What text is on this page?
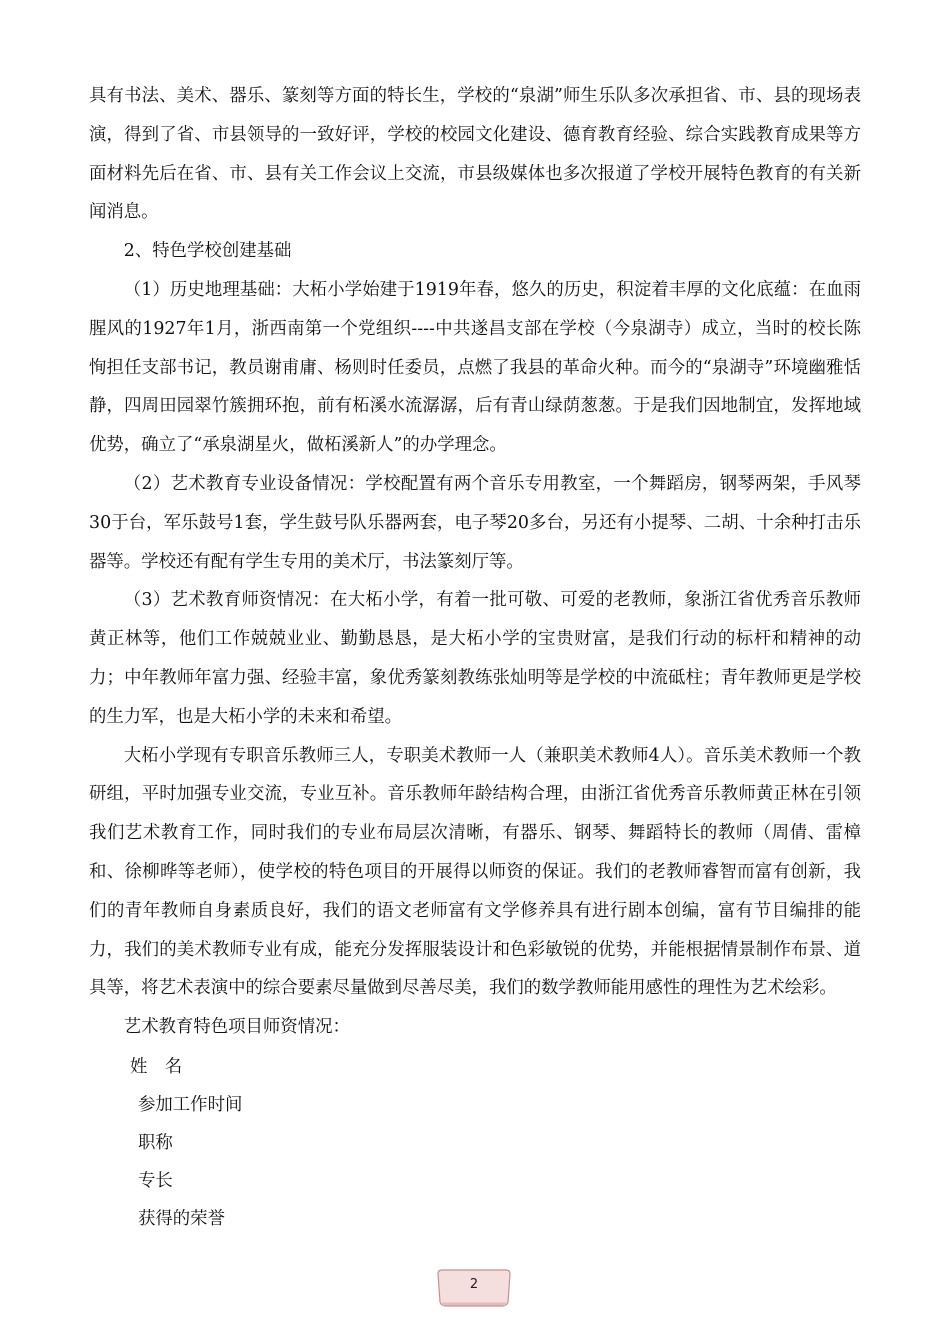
具有书法、美术、器乐、篆刻等方面的特长生，学校的“泉湖”师生乐队多次承担省、市、县的现场表演，得到了省、市县领导的一致好评，学校的校园文化建设、德育教育经验、综合实践教育成果等方面材料先后在省、市、县有关工作会议上交流，市县级媒体也多次报道了学校开展特色教育的有关新闻消息。

2、特色学校创建基础

（1）历史地理基础：大柘小学始建于1919年春，悠久的历史，积淀着丰厚的文化底蕴：在血雨腥风的1927年1月，浙西南第一个党组织----中共遂昌支部在学校（今泉湖寺）成立，当时的校长陈恂担任支部书记，教员谢甫庸、杨则时任委员，点燃了我县的革命火种。而今的“泉湖寺”环境幽雅恬静，四周田园翠竹簇拥环抱，前有柘溪水流潺潺，后有青山绿荫葱葱。于是我们因地制宜，发挥地域优势，确立了“承泉湖星火，做柘溪新人”的办学理念。

（2）艺术教育专业设备情况：学校配置有两个音乐专用教室，一个舞蹈房，钢琴两架，手风琴30于台，军乐鼓号1套，学生鼓号队乐器两套，电子琴20多台，另还有小提琴、二胡、十余种打击乐器等。学校还有配有学生专用的美术厅，书法篆刻厅等。

（3）艺术教育师资情况：在大柘小学，有着一批可敬、可爱的老教师，象浙江省优秀音乐教师黄正林等，他们工作兢兢业业、勤勤恳恳，是大柘小学的宝贵财富，是我们行动的标杆和精神的动力；中年教师年富力强、经验丰富，象优秀篆刻教练张灿明等是学校的中流砥柱；青年教师更是学校的生力军，也是大柘小学的未来和希望。

大柘小学现有专职音乐教师三人，专职美术教师一人（兼职美术教师4人）。音乐美术教师一个教研组，平时加强专业交流，专业互补。音乐教师年龄结构合理，由浙江省优秀音乐教师黄正林在引领我们艺术教育工作，同时我们的专业布局层次清晰，有器乐、钢琴、舞蹈特长的教师（周倩、雷樟和、徐柳晔等老师），使学校的特色项目的开展得以师资的保证。我们的老教师睿智而富有创新，我们的青年教师自身素质良好，我们的语文老师富有文学修养具有进行剧本创编，富有节目编排的能力，我们的美术教师专业有成，能充分发挥服装设计和色彩敏锐的优势，并能根据情景制作布景、道具等，将艺术表演中的综合要素尽量做到尽善尽美，我们的数学教师能用感性的理性为艺术绘彩。

艺术教育特色项目师资情况：

姓　名
参加工作时间
职称
专长
获得的荣誉
2
